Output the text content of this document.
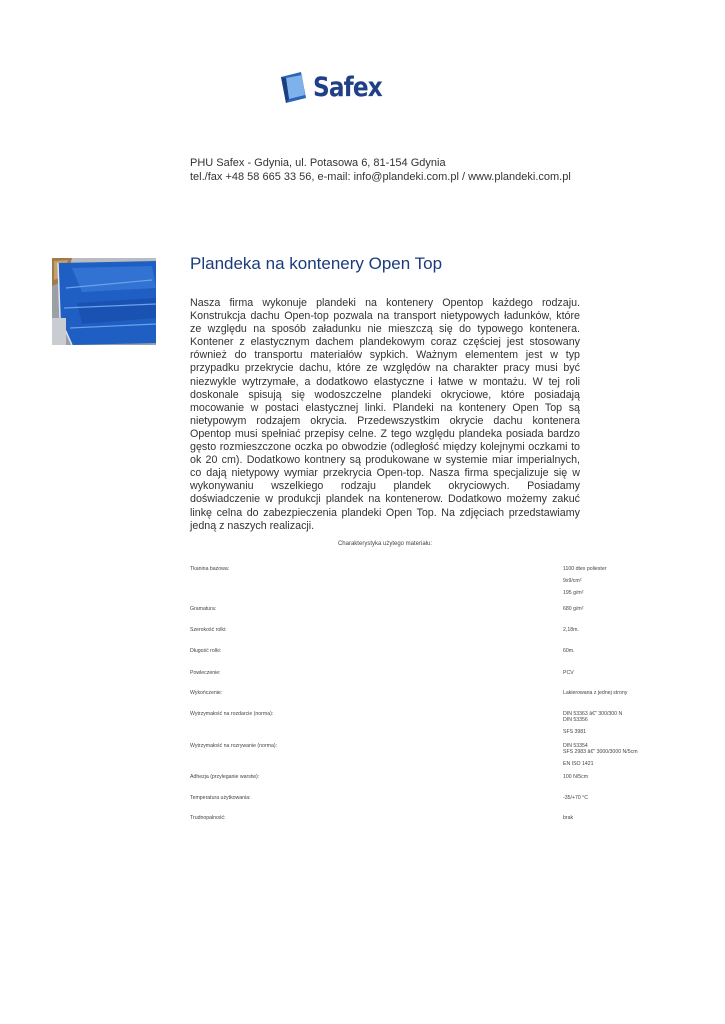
Safex
PHU Safex - Gdynia, ul. Potasowa 6, 81-154 Gdynia
tel./fax +48 58 665 33 56, e-mail: info@plandeki.com.pl / www.plandeki.com.pl
Plandeka na kontenery Open Top
Nasza firma wykonuje plandeki na kontenery Opentop każdego rodzaju. Konstrukcja dachu Open-top pozwala na transport nietypowych ładunków, które ze względu na sposób załadunku nie mieszczą się do typowego kontenera. Kontener z elastycznym dachem plandekowym coraz częściej jest stosowany również do transportu materiałów sypkich. Ważnym elementem jest w typ przypadku przekrycie dachu, które ze względów na charakter pracy musi być niezwykle wytrzymałe, a dodatkowo elastyczne i łatwe w montażu. W tej roli doskonale spisują się wodoszczelne plandeki okryciowe, które posiadają mocowanie w postaci elastycznej linki. Plandeki na kontenery Open Top są nietypowym rodzajem okrycia. Przedewszystkim okrycie dachu kontenera Opentop musi spełniać przepisy celne. Z tego względu plandeka posiada bardzo gęsto rozmieszczone oczka po obwodzie (odległość między kolejnymi oczkami to ok 20 cm). Dodatkowo kontnery są produkowane w systemie miar imperialnych, co dają nietypowy wymiar przekrycia Open-top. Nasza firma specjalizuje się w wykonywaniu wszelkiego rodzaju plandek okryciowych. Posiadamy doświadczenie w produkcji plandek na kontenerow. Dodatkowo możemy zakuć linkę celna do zabezpieczenia plandeki Open Top. Na zdjęciach przedstawiamy jedną z naszych realizacji.
Charakterystyka użytego materiału:
Tkanina bazowa:	1100 dtex poliester
9x9/cm²
195 g/m²
Gramatura:	680 g/m²
Szerokość rolki:	2,18m.
Długość rolki:	60m.
Powleczenie:	PCV
Wykończenie:	Lakierowana z jednej strony
Wytrzymałość na rozdarcie (norma):	DIN 53363 â€" 300/300 N
DIN 53356
SFS 3981
Wytrzymałość na rozrywanie (norma):	DIN 53354
SFS 2983 â€" 3000/3000 N/5cm
EN ISO 1421
Adhezja (przyleganie warstw):	100 N/5cm
Temperatura użytkowania:	-35/+70 °C
Trudnopalność:	brak
